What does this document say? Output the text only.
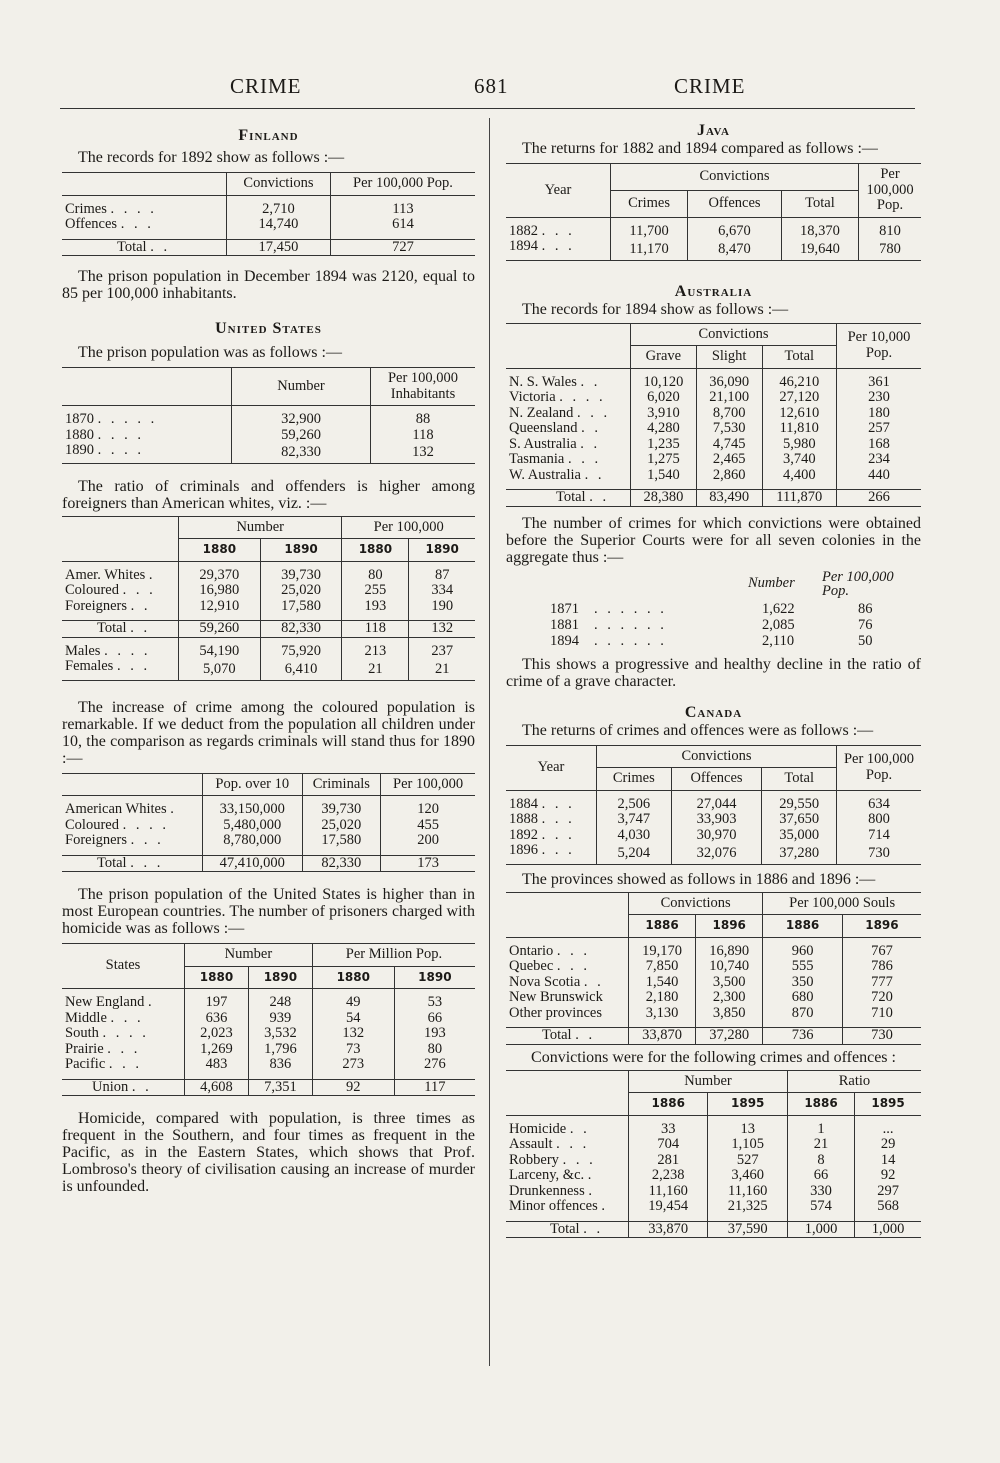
CRIME	681	CRIME
Finland

The records for 1892 show as follows :—

	Convictions	Per 100,000 Pop.

Crimes . . . .	2,710	113
Offences . . .	14,740	614

Total . .	17,450	727

The prison population in December 1894 was 2120, equal to 85 per 100,000 inhabitants.

United States

The prison population was as follows :—

	Number	Per 100,000 Inhabitants

1870 . . . . .	32,900	88
1880 . . . .	59,260	118
1890 . . . .	82,330	132

The ratio of criminals and offenders is higher among foreigners than American whites, viz. :—

	Number		Per 100,000	
	1880	1890	1880	1890

Amer. Whites .	29,370	39,730	80	87
Coloured . . .	16,980	25,020	255	334
Foreigners . .	12,910	17,580	193	190

Total . .	59,260	82,330	118	132

Males . . . .	54,190	75,920	213	237
Females . . .	5,070	6,410	21	21

The increase of crime among the coloured population is remarkable. If we deduct from the population all children under 10, the comparison as regards criminals will stand thus for 1890 :—

	Pop. over 10	Criminals	Per 100,000

American Whites .	33,150,000	39,730	120
Coloured . . . .	5,480,000	25,020	455
Foreigners . . .	8,780,000	17,580	200

Total . . .	47,410,000	82,330	173

The prison population of the United States is higher than in most European countries. The number of prisoners charged with homicide was as follows :—

States	Number		Per Million Pop.	
	1880	1890	1880	1890

New England .	197	248	49	53
Middle . . .	636	939	54	66
South . . . .	2,023	3,532	132	193
Prairie . . .	1,269	1,796	73	80
Pacific . . .	483	836	273	276

Union . .	4,608	7,351	92	117

Homicide, compared with population, is three times as frequent in the Southern, and four times as frequent in the Pacific, as in the Eastern States, which shows that Prof. Lombroso's theory of civilisation causing an increase of murder is unfounded.

Java

The returns for 1882 and 1894 compared as follows :—

Year	Convictions			Per 100,000 Pop.
	Crimes	Offences	Total	

1882 . . .	11,700	6,670	18,370	810
1894 . . .	11,170	8,470	19,640	780
Australia

The records for 1894 show as follows :—

	Convictions			Per 10,000 Pop.
	Grave	Slight	Total	

N. S. Wales . .	10,120	36,090	46,210	361
Victoria . . . .	6,020	21,100	27,120	230
N. Zealand . . .	3,910	8,700	12,610	180
Queensland . .	4,280	7,530	11,810	257
S. Australia . .	1,235	4,745	5,980	168
Tasmania . . .	1,275	2,465	3,740	234
W. Australia . .	1,540	2,860	4,400	440

Total . .	28,380	83,490	111,870	266

The number of crimes for which convictions were obtained before the Superior Courts were for all seven colonies in the aggregate thus :—

Number Per 100,000 Pop.
1871 . . . . . .	1,622	86
1881 . . . . . .	2,085	76
1894 . . . . . .	2,110	50

This shows a progressive and healthy decline in the ratio of crime of a grave character.

Canada

The returns of crimes and offences were as follows :—

Year	Convictions			Per 100,000 Pop.
	Crimes	Offences	Total	

1884 . . .	2,506	27,044	29,550	634
1888 . . .	3,747	33,903	37,650	800
1892 . . .	4,030	30,970	35,000	714
1896 . . .	5,204	32,076	37,280	730

The provinces showed as follows in 1886 and 1896 :—

	Convictions		Per 100,000 Souls	
	1886	1896	1886	1896

Ontario . . .	19,170	16,890	960	767
Quebec . . .	7,850	10,740	555	786
Nova Scotia . .	1,540	3,500	350	777
New Brunswick	2,180	2,300	680	720
Other provinces	3,130	3,850	870	710

Total . .	33,870	37,280	736	730

Convictions were for the following crimes and offences :

	Number		Ratio	
	1886	1895	1886	1895

Homicide . .	33	13	1	...
Assault . . .	704	1,105	21	29
Robbery . . .	281	527	8	14
Larceny, &c. .	2,238	3,460	66	92
Drunkenness .	11,160	11,160	330	297
Minor offences .	19,454	21,325	574	568

Total . .	33,870	37,590	1,000	1,000
